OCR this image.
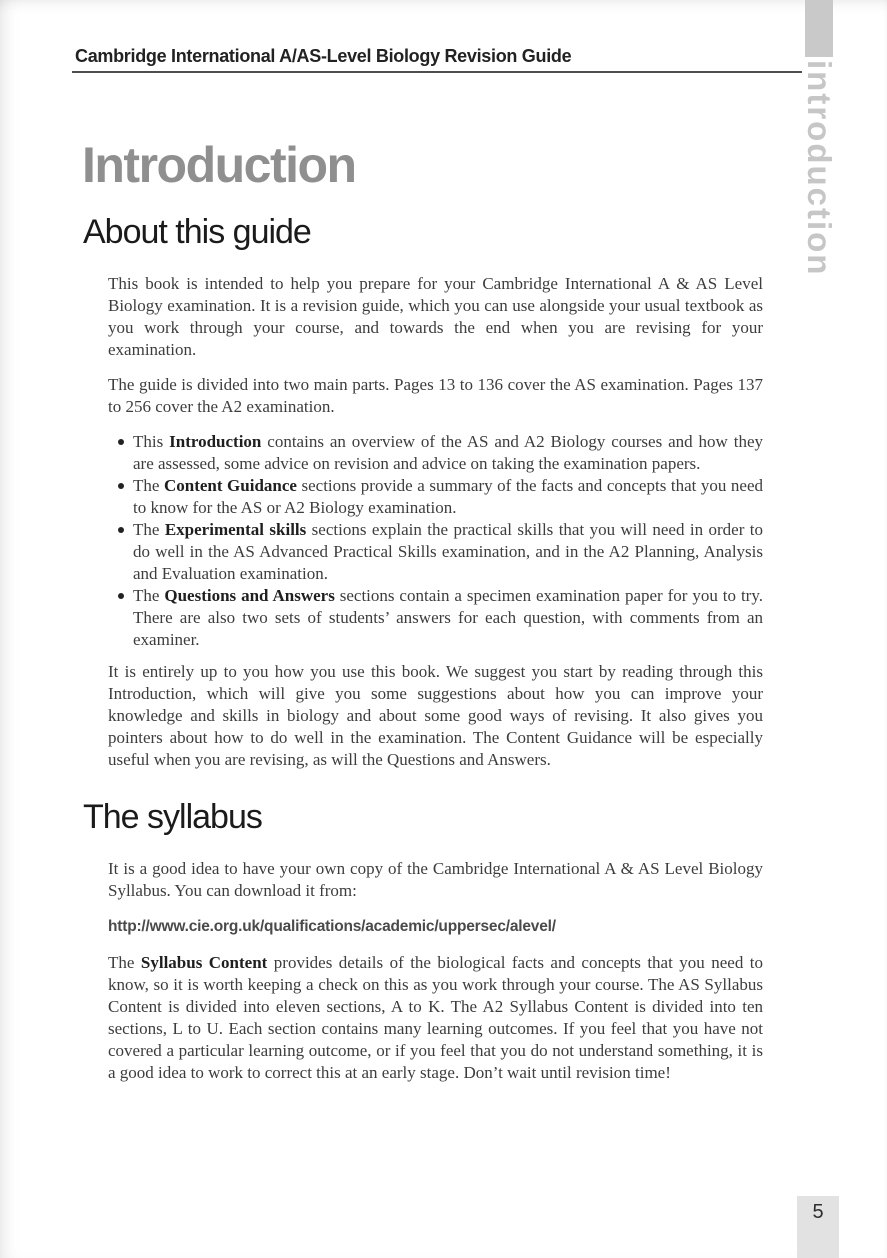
Cambridge International A/AS-Level Biology Revision Guide
introduction
Introduction
About this guide

This book is intended to help you prepare for your Cambridge International A & AS Level Biology examination. It is a revision guide, which you can use alongside your usual textbook as you work through your course, and towards the end when you are revising for your examination.

The guide is divided into two main parts. Pages 13 to 136 cover the AS examination. Pages 137 to 256 cover the A2 examination.

This Introduction contains an overview of the AS and A2 Biology courses and how they are assessed, some advice on revision and advice on taking the examination papers.
The Content Guidance sections provide a summary of the facts and concepts that you need to know for the AS or A2 Biology examination.
The Experimental skills sections explain the practical skills that you will need in order to do well in the AS Advanced Practical Skills examination, and in the A2 Planning, Analysis and Evaluation examination.
The Questions and Answers sections contain a specimen examination paper for you to try. There are also two sets of students’ answers for each question, with comments from an examiner.

It is entirely up to you how you use this book. We suggest you start by reading through this Introduction, which will give you some suggestions about how you can improve your knowledge and skills in biology and about some good ways of revising. It also gives you pointers about how to do well in the examination. The Content Guidance will be especially useful when you are revising, as will the Questions and Answers.

The syllabus

It is a good idea to have your own copy of the Cambridge International A & AS Level Biology Syllabus. You can download it from:

http://www.cie.org.uk/qualifications/academic/uppersec/alevel/

The Syllabus Content provides details of the biological facts and concepts that you need to know, so it is worth keeping a check on this as you work through your course. The AS Syllabus Content is divided into eleven sections, A to K. The A2 Syllabus Content is divided into ten sections, L to U. Each section contains many learning outcomes. If you feel that you have not covered a particular learning outcome, or if you feel that you do not understand something, it is a good idea to work to correct this at an early stage. Don’t wait until revision time!

5
